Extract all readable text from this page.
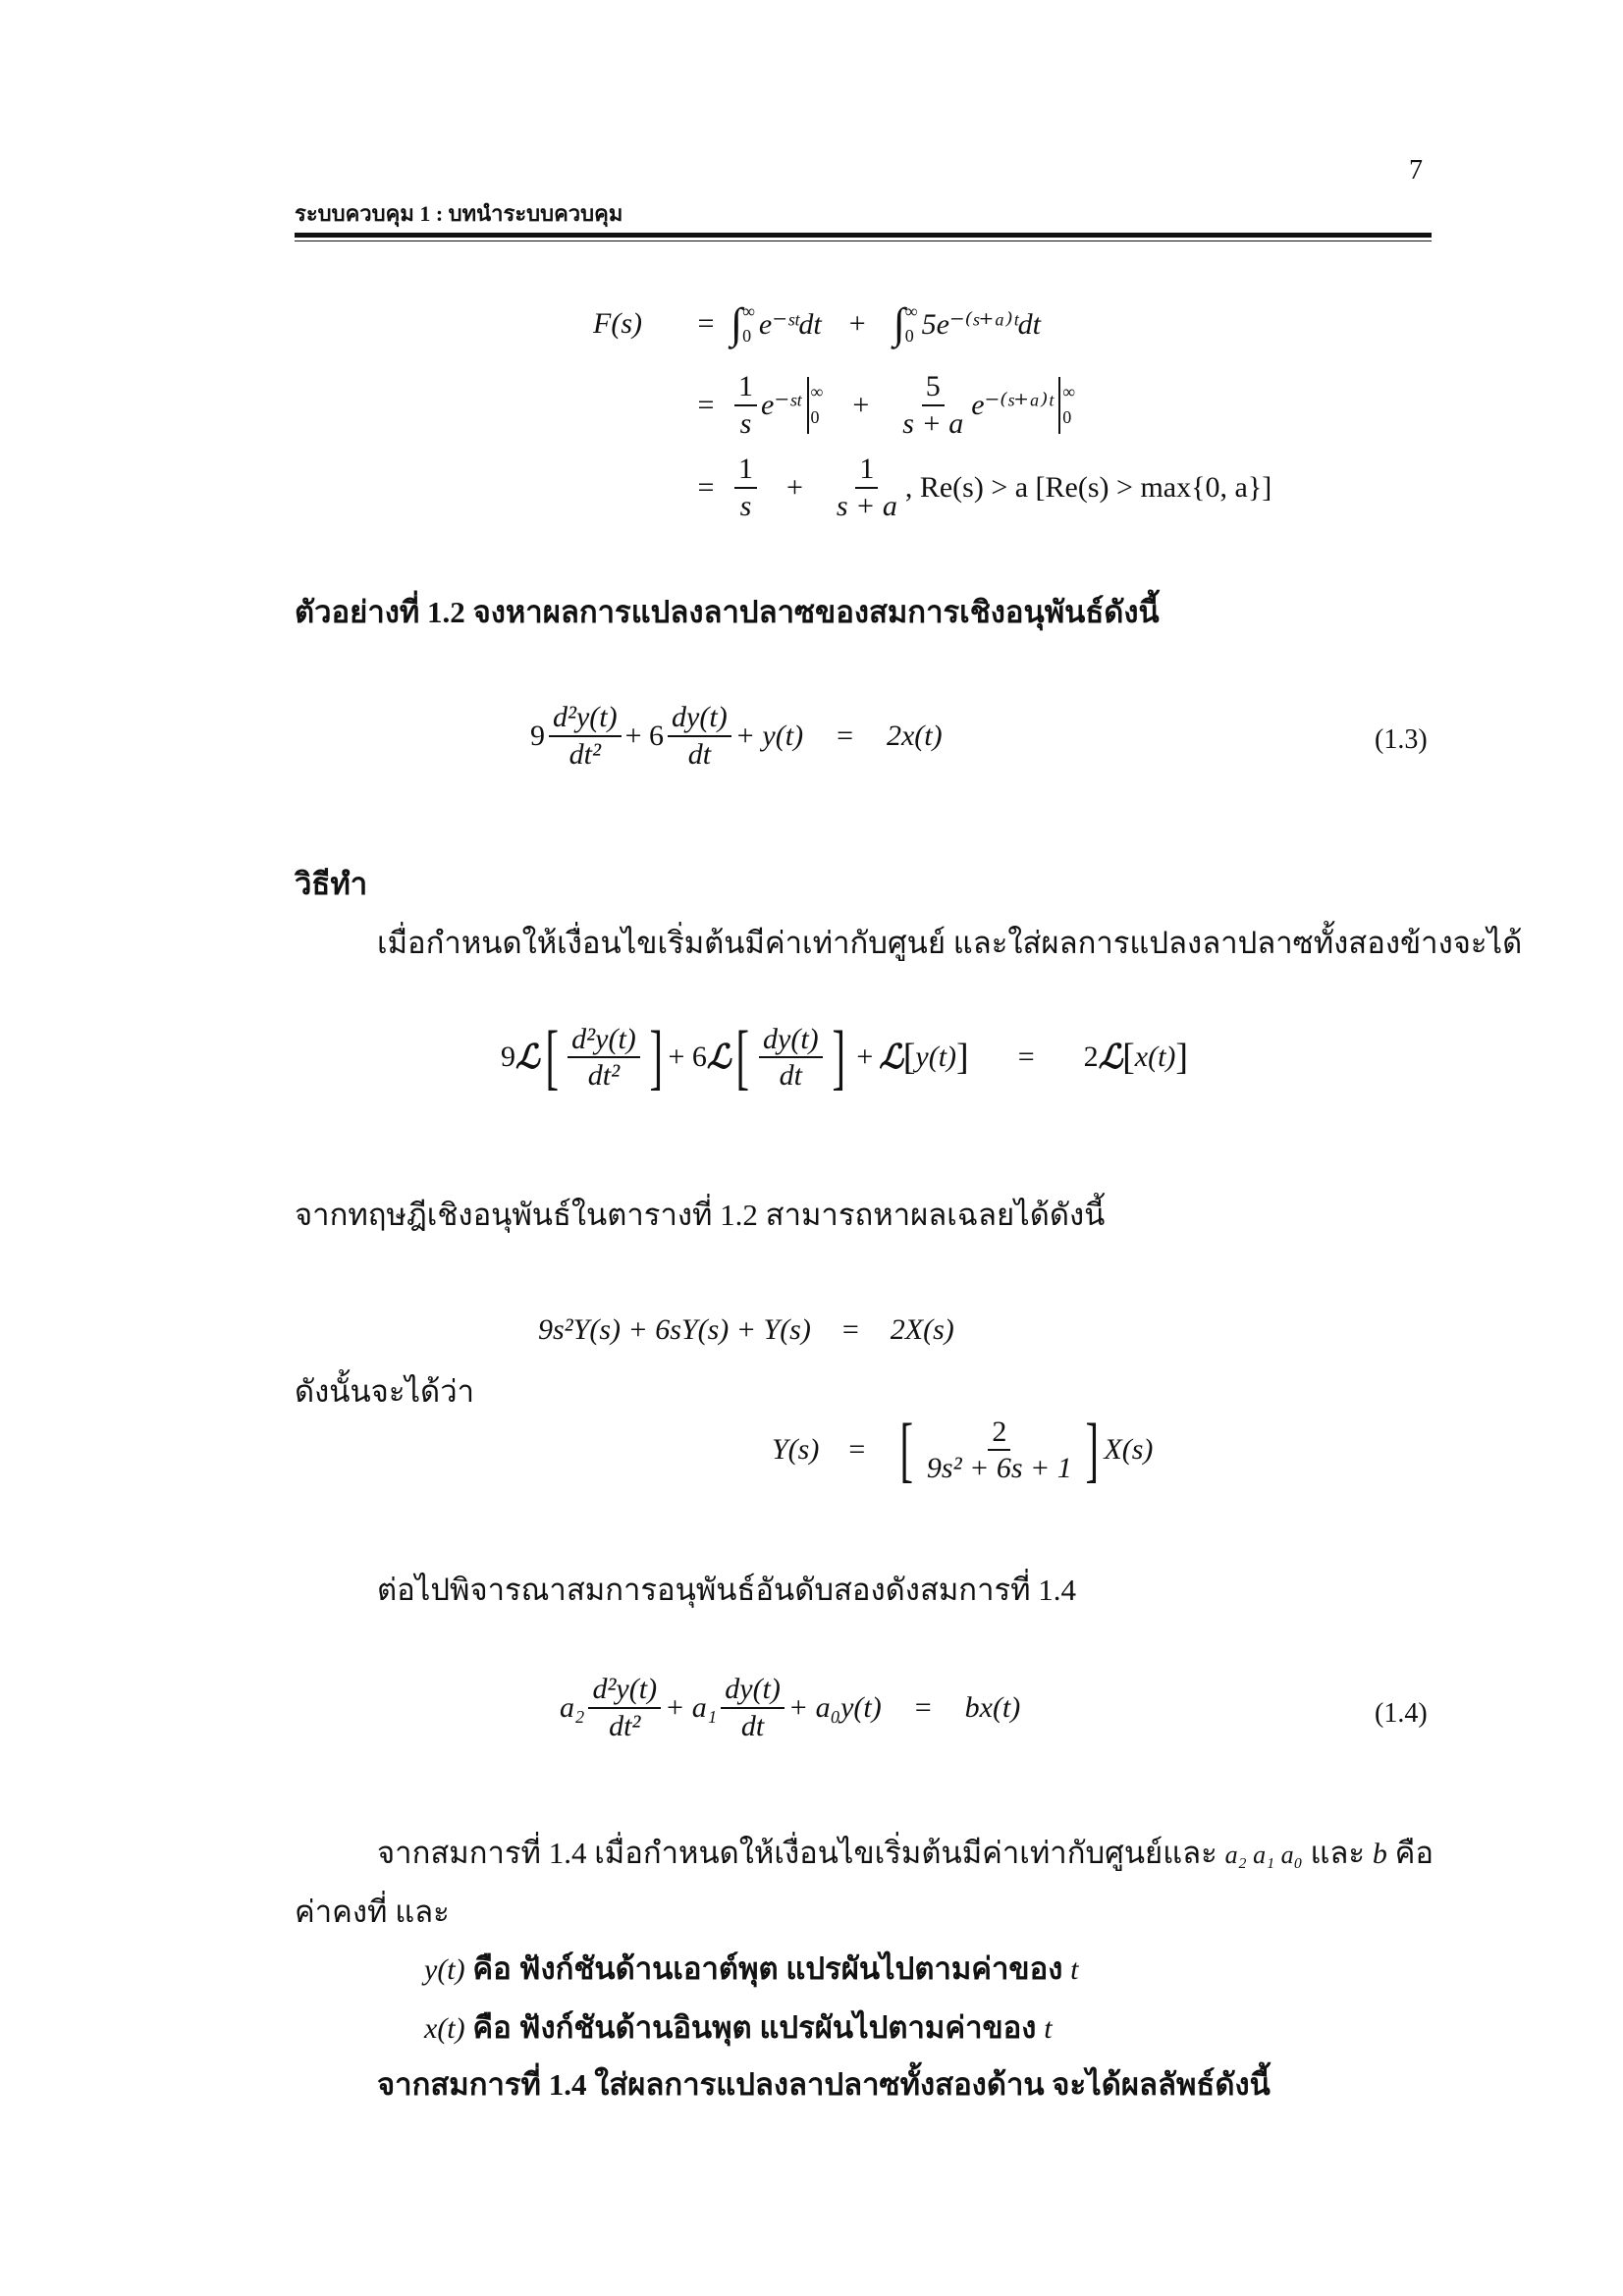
7
ระบบควบคุม 1 : บทนำระบบควบคุม
F(s)	= ∫ ∞
0 e⁻ˢᵗdt + ∫ ∞
0 5e⁻⁽ˢ⁺ᵃ⁾ᵗdt
= $\frac{1}{s}$ e⁻ˢᵗ ∞
$0 + \frac{5}{s + a}$ e⁻⁽ˢ⁺ᵃ⁾ᵗ ∞
0
= $\frac{1}{s} + \frac{1}{s + a}$ , Re(s) > a [Re(s) > max{0, a}]
ตัวอย่างที่ 1.2 จงหาผลการแปลงลาปลาซของสมการเชิงอนุพันธ์ดังนี้
$9 \frac{\text{d²y(t)}}{\text{dt²}} + 6 \frac{dy(t)}{dt} + y(t) = 2x(t)$	(1.3)
วิธีทำ
เมื่อกำหนดให้เงื่อนไขเริ่มต้นมีค่าเท่ากับศูนย์ และใส่ผลการแปลงลาปลาซทั้งสองข้างจะได้
9 ℒ [ $\frac{\text{d²y(t)}}{\text{dt²}}$ ] + 6 ℒ [ $\frac{dy(t)}{dt}$ ] + ℒ [ y(t) ] = 2 ℒ [ x(t) ]
จากทฤษฎีเชิงอนุพันธ์ในตารางที่ 1.2 สามารถหาผลเฉลยได้ดังนี้
9s²Y(s) + 6sY(s) + Y(s) = 2X(s)
ดังนั้นจะได้ว่า
Y(s) = [ $\frac{2}{\text{9s² + 6s + 1}}$ ] X(s)
ต่อไปพิจารณาสมการอนุพันธ์อันดับสองดังสมการที่ 1.4
$a_2 \frac{\text{d²y(t)}}{\text{dt²}} + a_1 \frac{dy(t)}{dt} + a_0y(t) = bx(t)$	(1.4)
จากสมการที่ 1.4 เมื่อกำหนดให้เงื่อนไขเริ่มต้นมีค่าเท่ากับศูนย์และ a₂ a₁ a₀ และ b คือ
ค่าคงที่ และ
y(t) คือ ฟังก์ชันด้านเอาต์พุต แปรผันไปตามค่าของ t
x(t) คือ ฟังก์ชันด้านอินพุต แปรผันไปตามค่าของ t
จากสมการที่ 1.4 ใส่ผลการแปลงลาปลาซทั้งสองด้าน จะได้ผลลัพธ์ดังนี้
